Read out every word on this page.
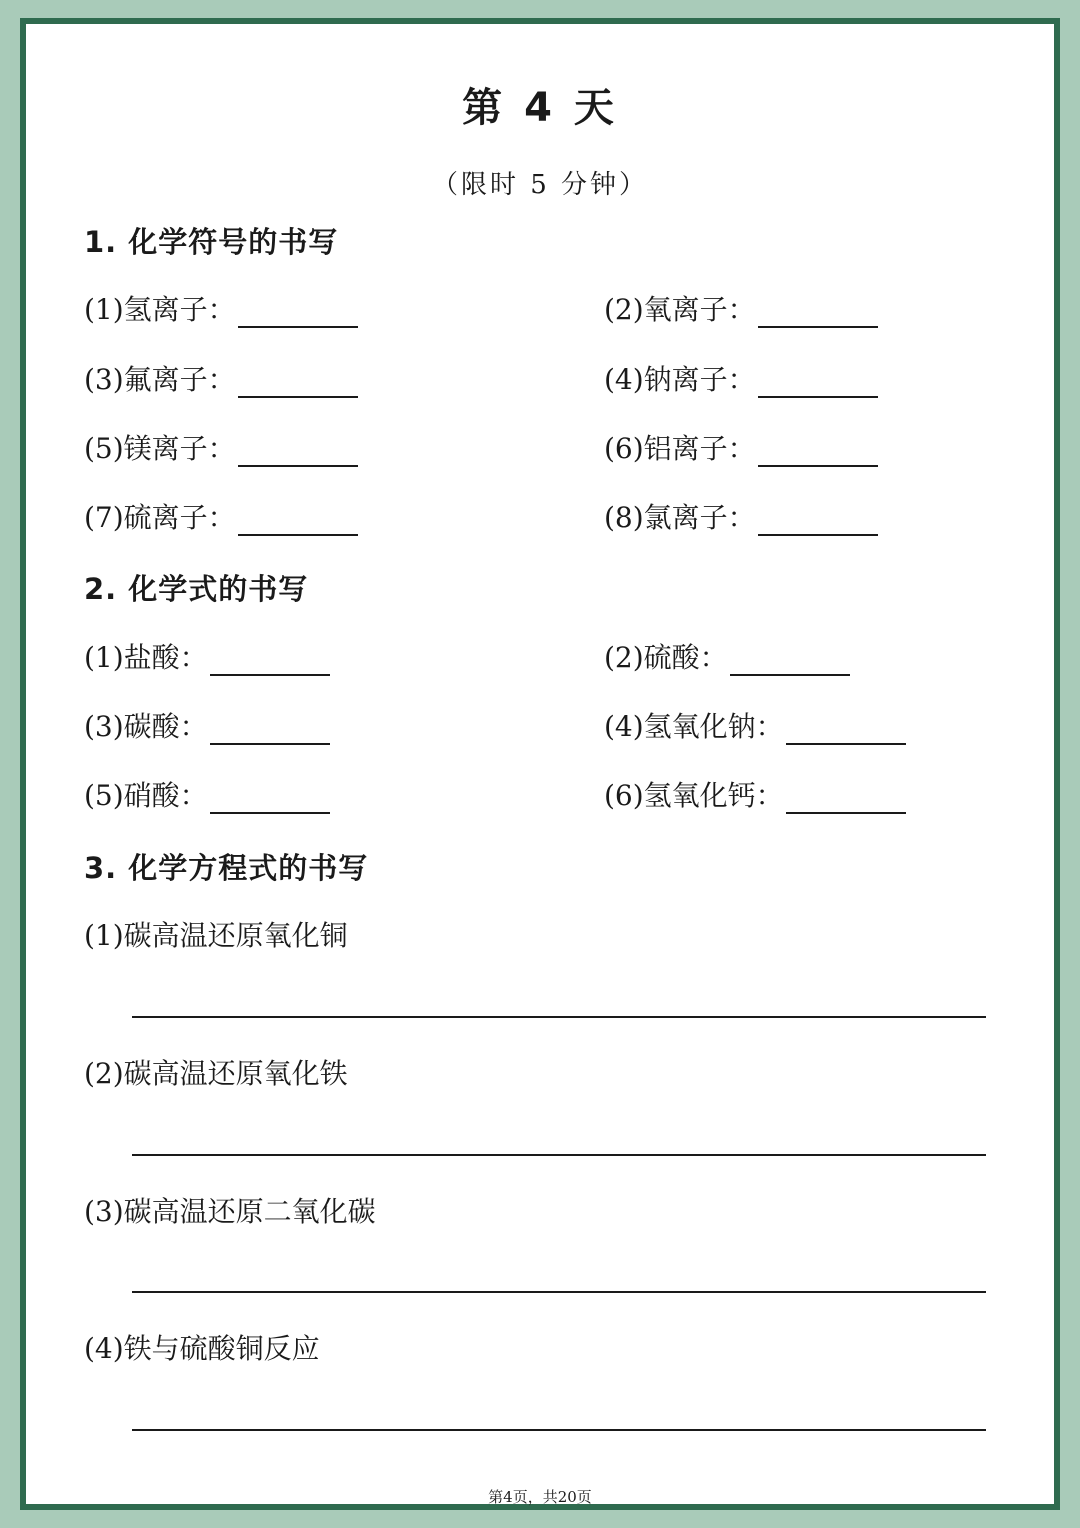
第 4 天
（限时 5 分钟）
1. 化学符号的书写
(1)氢离子：	(2)氧离子：
(3)氟离子：	(4)钠离子：
(5)镁离子：	(6)铝离子：
(7)硫离子：	(8)氯离子：
2. 化学式的书写
(1)盐酸：	(2)硫酸：
(3)碳酸：	(4)氢氧化钠：
(5)硝酸：	(6)氢氧化钙：
3. 化学方程式的书写
(1)碳高温还原氧化铜
(2)碳高温还原氧化铁
(3)碳高温还原二氧化碳
(4)铁与硫酸铜反应
第4页，共20页
